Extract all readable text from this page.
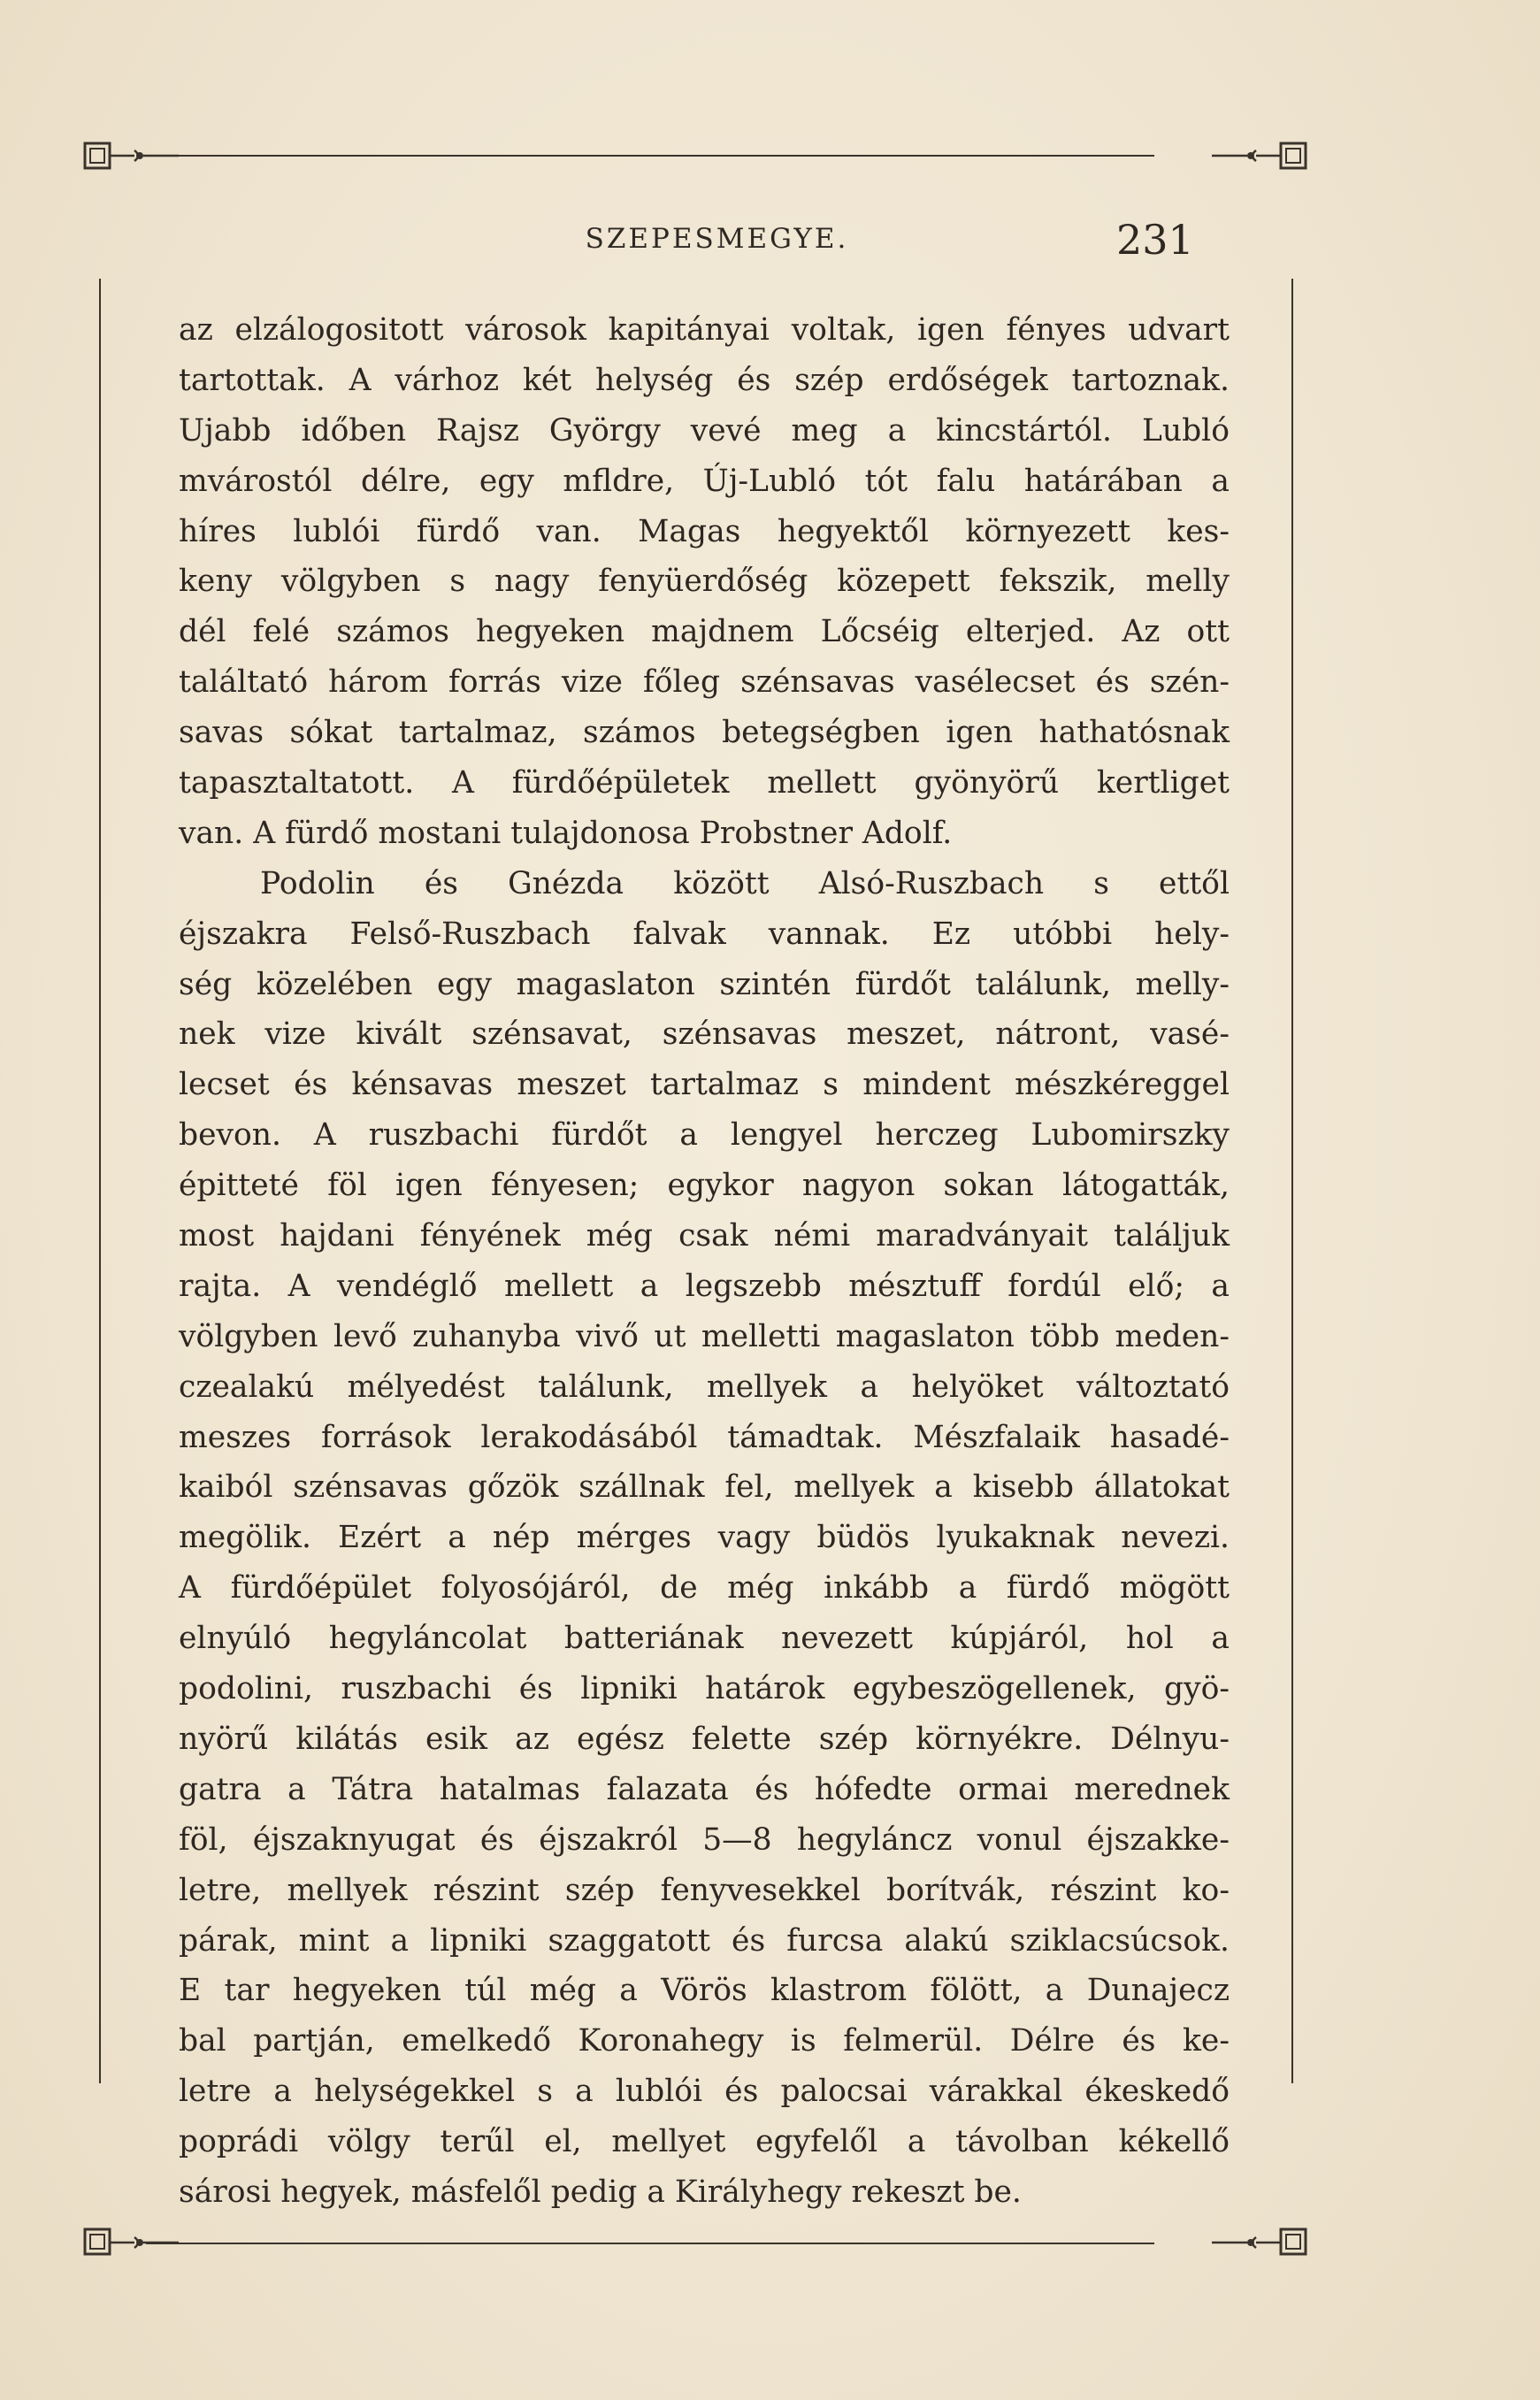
SZEPESMEGYE.	231
az elzálogositott városok kapitányai voltak, igen fényes udvart
tartottak. A várhoz két helység és szép erdőségek tartoznak.
Ujabb időben Rajsz György vevé meg a kincstártól. Lubló
mvárostól délre, egy mfldre, Új-Lubló tót falu határában a
híres lublói fürdő van. Magas hegyektől környezett kes-
keny völgyben s nagy fenyüerdőség közepett fekszik, melly
dél felé számos hegyeken majdnem Lőcséig elterjed. Az ott
találtató három forrás vize főleg szénsavas vasélecset és szén-
savas sókat tartalmaz, számos betegségben igen hathatósnak
tapasztaltatott. A fürdőépületek mellett gyönyörű kertliget
van. A fürdő mostani tulajdonosa Probstner Adolf.
Podolin és Gnézda között Alsó-Ruszbach s ettől
éjszakra Felső-Ruszbach falvak vannak. Ez utóbbi hely-
ség közelében egy magaslaton szintén fürdőt találunk, melly-
nek vize kivált szénsavat, szénsavas meszet, nátront, vasé-
lecset és kénsavas meszet tartalmaz s mindent mészkéreggel
bevon. A ruszbachi fürdőt a lengyel herczeg Lubomirszky
épitteté föl igen fényesen; egykor nagyon sokan látogatták,
most hajdani fényének még csak némi maradványait találjuk
rajta. A vendéglő mellett a legszebb mésztuff fordúl elő; a
völgyben levő zuhanyba vivő ut melletti magaslaton több meden-
czealakú mélyedést találunk, mellyek a helyöket változtató
meszes források lerakodásából támadtak. Mészfalaik hasadé-
kaiból szénsavas gőzök szállnak fel, mellyek a kisebb állatokat
megölik. Ezért a nép mérges vagy büdös lyukaknak nevezi.
A fürdőépület folyosójáról, de még inkább a fürdő mögött
elnyúló hegyláncolat batteriának nevezett kúpjáról, hol a
podolini, ruszbachi és lipniki határok egybeszögellenek, gyö-
nyörű kilátás esik az egész felette szép környékre. Délnyu-
gatra a Tátra hatalmas falazata és hófedte ormai merednek
föl, éjszaknyugat és éjszakról 5—8 hegyláncz vonul éjszakke-
letre, mellyek részint szép fenyvesekkel borítvák, részint ko-
párak, mint a lipniki szaggatott és furcsa alakú sziklacsúcsok.
E tar hegyeken túl még a Vörös klastrom fölött, a Dunajecz
bal partján, emelkedő Koronahegy is felmerül. Délre és ke-
letre a helységekkel s a lublói és palocsai várakkal ékeskedő
poprádi völgy terűl el, mellyet egyfelől a távolban kékellő
sárosi hegyek, másfelől pedig a Királyhegy rekeszt be.
